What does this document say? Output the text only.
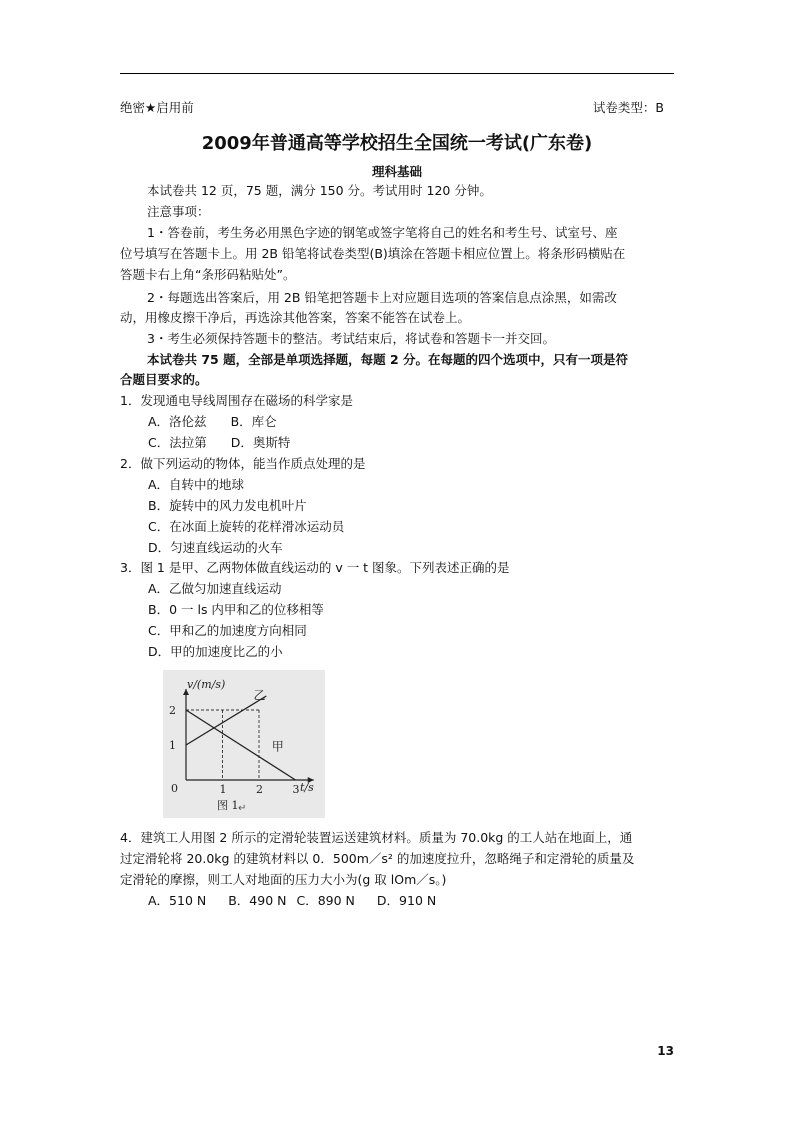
绝密★启用前	试卷类型：B
2009年普通高等学校招生全国统一考试(广东卷)
理科基础
本试卷共 12 页，75 题，满分 150 分。考试用时 120 分钟。
注意事项：
1・答卷前，考生务必用黑色字迹的钢笔或签字笔将自己的姓名和考生号、试室号、座
位号填写在答题卡上。用 2B 铅笔将试卷类型(B)填涂在答题卡相应位置上。将条形码横贴在
答题卡右上角“条形码粘贴处”。
2・每题选出答案后，用 2B 铅笔把答题卡上对应题目选项的答案信息点涂黑，如需改
动，用橡皮擦干净后，再选涂其他答案，答案不能答在试卷上。
3・考生必须保持答题卡的整洁。考试结束后，将试卷和答题卡一并交回。
本试卷共 75 题，全部是单项选择题，每题 2 分。在每题的四个选项中，只有一项是符
合题目要求的。
1．发现通电导线周围存在磁场的科学家是
A．洛伦兹 B．库仑
C．法拉第 D．奥斯特
2．做下列运动的物体，能当作质点处理的是
A．自转中的地球
B．旋转中的风力发电机叶片
C．在冰面上旋转的花样滑冰运动员
D．匀速直线运动的火车
3．图 1 是甲、乙两物体做直线运动的 v 一 t 图象。下列表述正确的是
A．乙做匀加速直线运动
B．0 一 ls 内甲和乙的位移相等
C．甲和乙的加速度方向相同
D．甲的加速度比乙的小
2
1
0	1	2	3
乙
甲
v/(m/s)
t/s
图 1 ↵
4．建筑工人用图 2 所示的定滑轮装置运送建筑材料。质量为 70.0kg 的工人站在地面上，通
过定滑轮将 20.0kg 的建筑材料以 0．500m／s² 的加速度拉升，忽略绳子和定滑轮的质量及
定滑轮的摩擦，则工人对地面的压力大小为(g 取 lOm／s。)
A．510 N B．490 N C．890 N D．910 N
13
